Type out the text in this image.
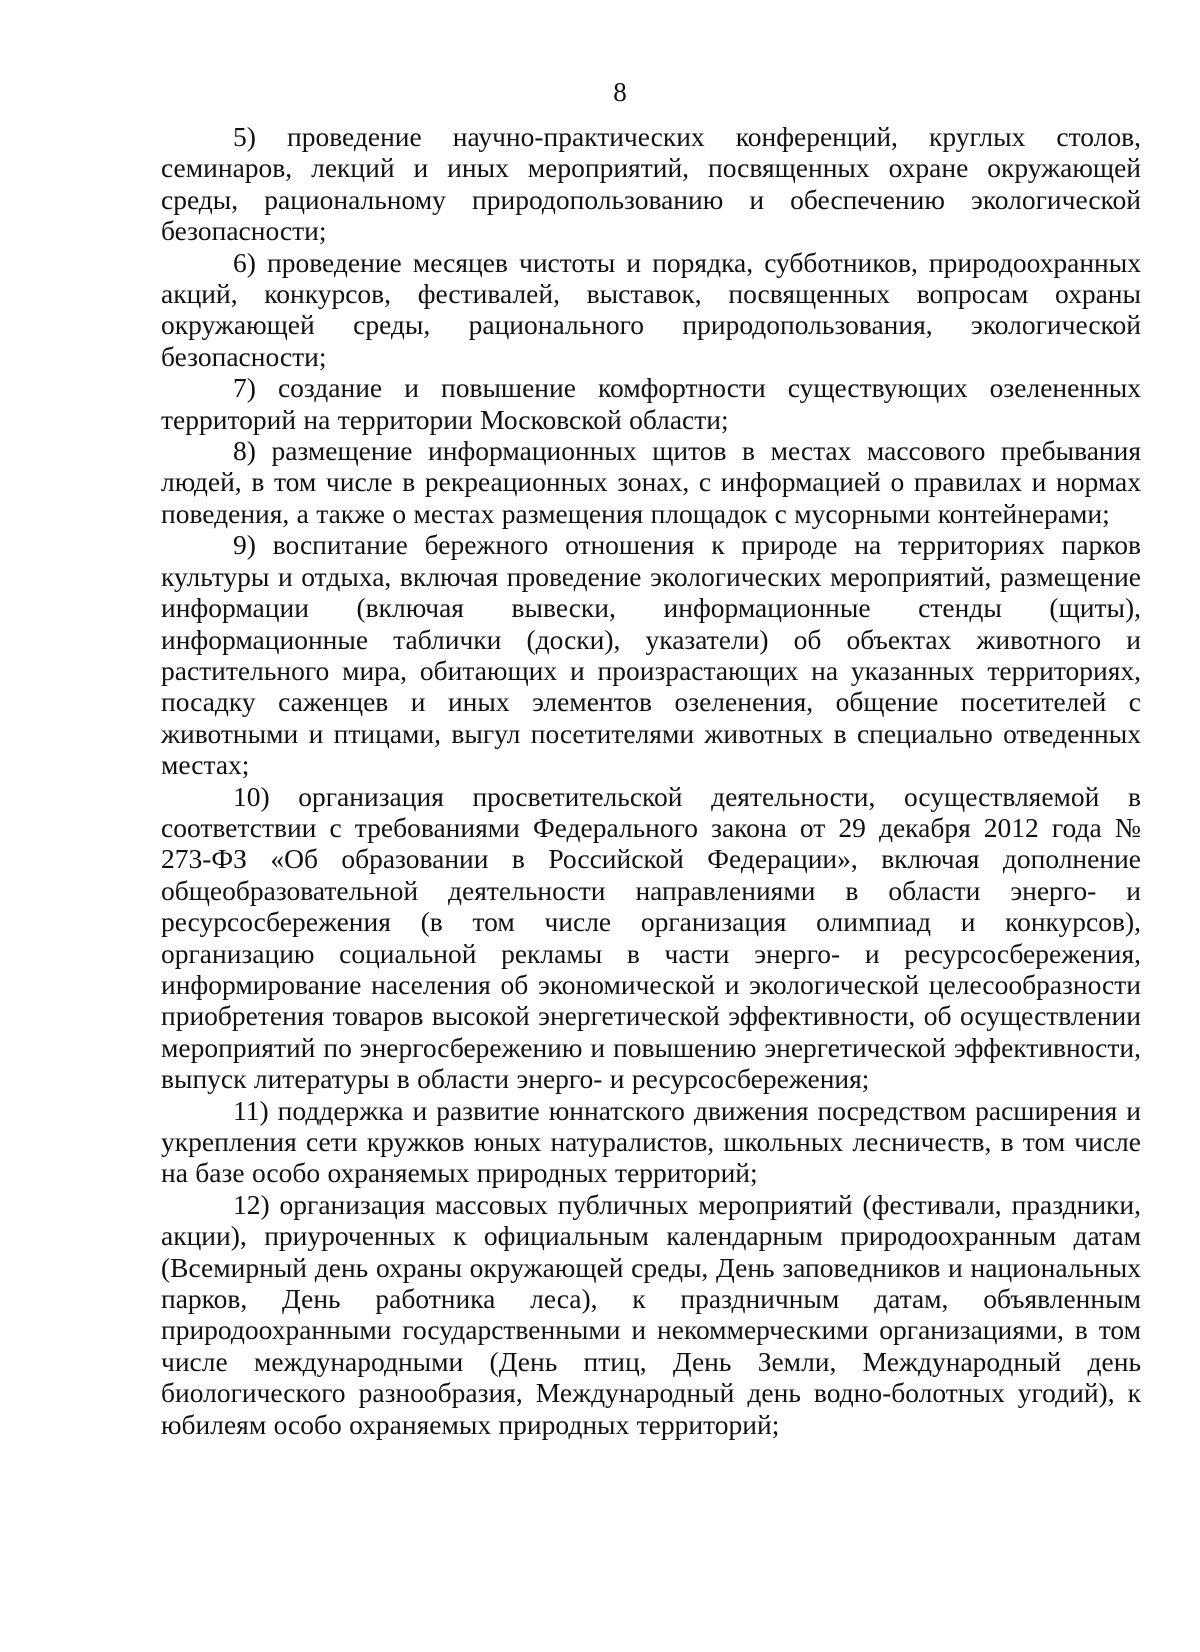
8

5) проведение научно-практических конференций, круглых столов, семинаров, лекций и иных мероприятий, посвященных охране окружающей среды, рациональному природопользованию и обеспечению экологической безопасности;

6) проведение месяцев чистоты и порядка, субботников, природоохранных акций, конкурсов, фестивалей, выставок, посвященных вопросам охраны окружающей среды, рационального природопользования, экологической безопасности;

7) создание и повышение комфортности существующих озелененных территорий на территории Московской области;

8) размещение информационных щитов в местах массового пребывания людей, в том числе в рекреационных зонах, с информацией о правилах и нормах поведения, а также о местах размещения площадок с мусорными контейнерами;

9) воспитание бережного отношения к природе на территориях парков культуры и отдыха, включая проведение экологических мероприятий, размещение информации (включая вывески, информационные стенды (щиты), информационные таблички (доски), указатели) об объектах животного и растительного мира, обитающих и произрастающих на указанных территориях, посадку саженцев и иных элементов озеленения, общение посетителей с животными и птицами, выгул посетителями животных в специально отведенных местах;

10) организация просветительской деятельности, осуществляемой в соответствии с требованиями Федерального закона от 29 декабря 2012 года № 273-ФЗ «Об образовании в Российской Федерации», включая дополнение общеобразовательной деятельности направлениями в области энерго- и ресурсосбережения (в том числе организация олимпиад и конкурсов), организацию социальной рекламы в части энерго- и ресурсосбережения, информирование населения об экономической и экологической целесообразности приобретения товаров высокой энергетической эффективности, об осуществлении мероприятий по энергосбережению и повышению энергетической эффективности, выпуск литературы в области энерго- и ресурсосбережения;

11) поддержка и развитие юннатского движения посредством расширения и укрепления сети кружков юных натуралистов, школьных лесничеств, в том числе на базе особо охраняемых природных территорий;

12) организация массовых публичных мероприятий (фестивали, праздники, акции), приуроченных к официальным календарным природоохранным датам (Всемирный день охраны окружающей среды, День заповедников и национальных парков, День работника леса), к праздничным датам, объявленным природоохранными государственными и некоммерческими организациями, в том числе международными (День птиц, День Земли, Международный день биологического разнообразия, Международный день водно-болотных угодий), к юбилеям особо охраняемых природных территорий;
